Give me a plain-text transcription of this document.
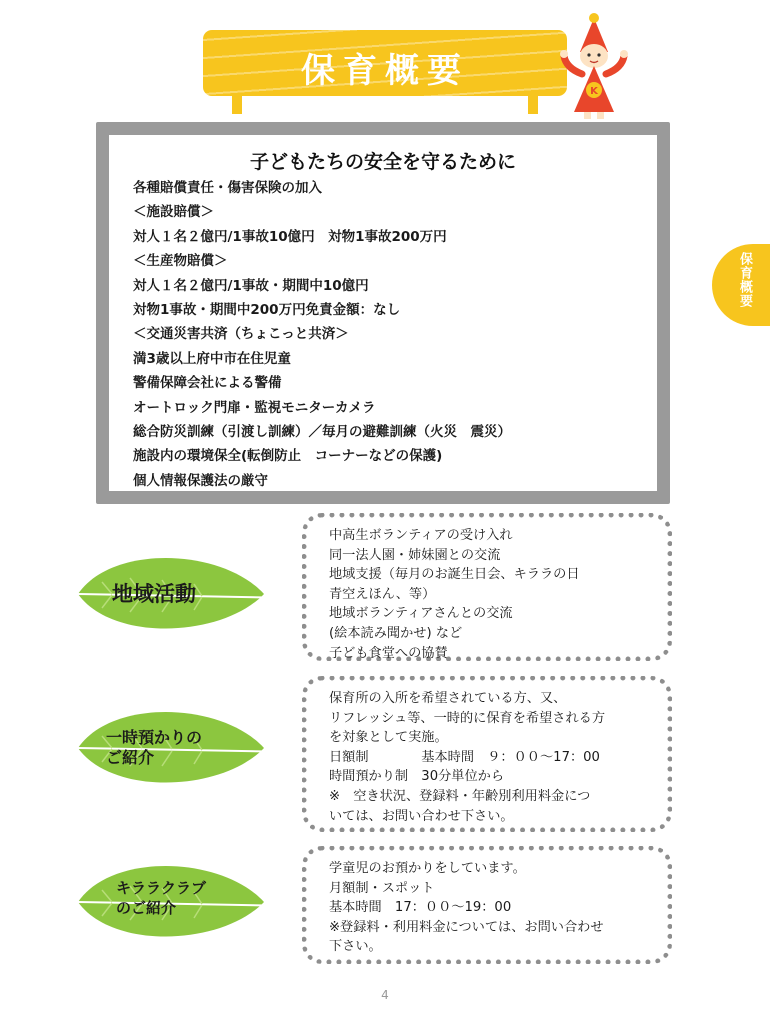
保育概要
K
保育概要
子どもたちの安全を守るために
各種賠償責任・傷害保険の加入
＜施設賠償＞
対人１名２億円/1事故10億円　対物1事故200万円
＜生産物賠償＞
対人１名２億円/1事故・期間中10億円
対物1事故・期間中200万円免責金額：なし
＜交通災害共済（ちょこっと共済＞
満3歳以上府中市在住児童
警備保障会社による警備
オートロック門扉・監視モニターカメラ
総合防災訓練（引渡し訓練）／毎月の避難訓練（火災　震災）
施設内の環境保全(転倒防止　コーナーなどの保護)
個人情報保護法の厳守
地域活動

中高生ボランティアの受け入れ

同一法人園・姉妹園との交流

地域支援（毎月のお誕生日会、キララの日

青空えほん、等）

地域ボランティアさんとの交流

(絵本読み聞かせ) など

子ども食堂への協賛

一時預かりの
ご紹介

保育所の入所を希望されている方、又、

リフレッシュ等、一時的に保育を希望される方

を対象として実施。

日額制　　　　基本時間　９：００〜17：00

時間預かり制　30分単位から

※　空き状況、登録料・年齢別利用料金につ

いては、お問い合わせ下さい。

キララクラブ
のご紹介

学童児のお預かりをしています。

月額制・スポット

基本時間　17：００〜19：00

※登録料・利用料金については、お問い合わせ

下さい。

4
